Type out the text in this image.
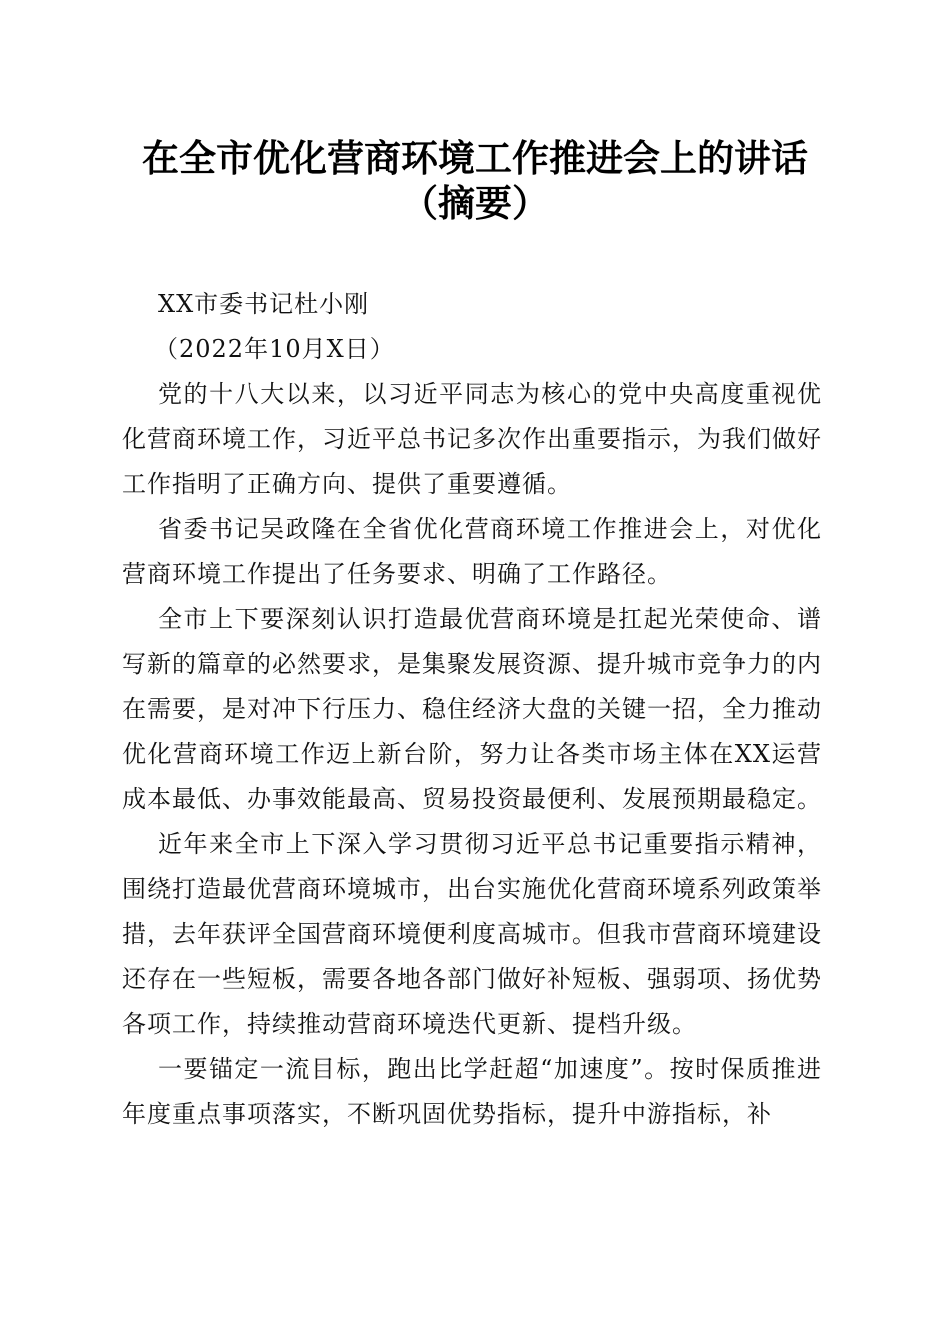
在全市优化营商环境工作推进会上的讲话（摘要）

XX市委书记杜小刚

（2022年10月X日）

党的十八大以来，以习近平同志为核心的党中央高度重视优化营商环境工作，习近平总书记多次作出重要指示，为我们做好工作指明了正确方向、提供了重要遵循。

省委书记吴政隆在全省优化营商环境工作推进会上，对优化营商环境工作提出了任务要求、明确了工作路径。

全市上下要深刻认识打造最优营商环境是扛起光荣使命、谱写新的篇章的必然要求，是集聚发展资源、提升城市竞争力的内在需要，是对冲下行压力、稳住经济大盘的关键一招，全力推动优化营商环境工作迈上新台阶，努力让各类市场主体在XX运营成本最低、办事效能最高、贸易投资最便利、发展预期最稳定。

近年来全市上下深入学习贯彻习近平总书记重要指示精神，围绕打造最优营商环境城市，出台实施优化营商环境系列政策举措，去年获评全国营商环境便利度高城市。但我市营商环境建设还存在一些短板，需要各地各部门做好补短板、强弱项、扬优势各项工作，持续推动营商环境迭代更新、提档升级。

一要锚定一流目标，跑出比学赶超“加速度”。按时保质推进年度重点事项落实，不断巩固优势指标，提升中游指标，补
